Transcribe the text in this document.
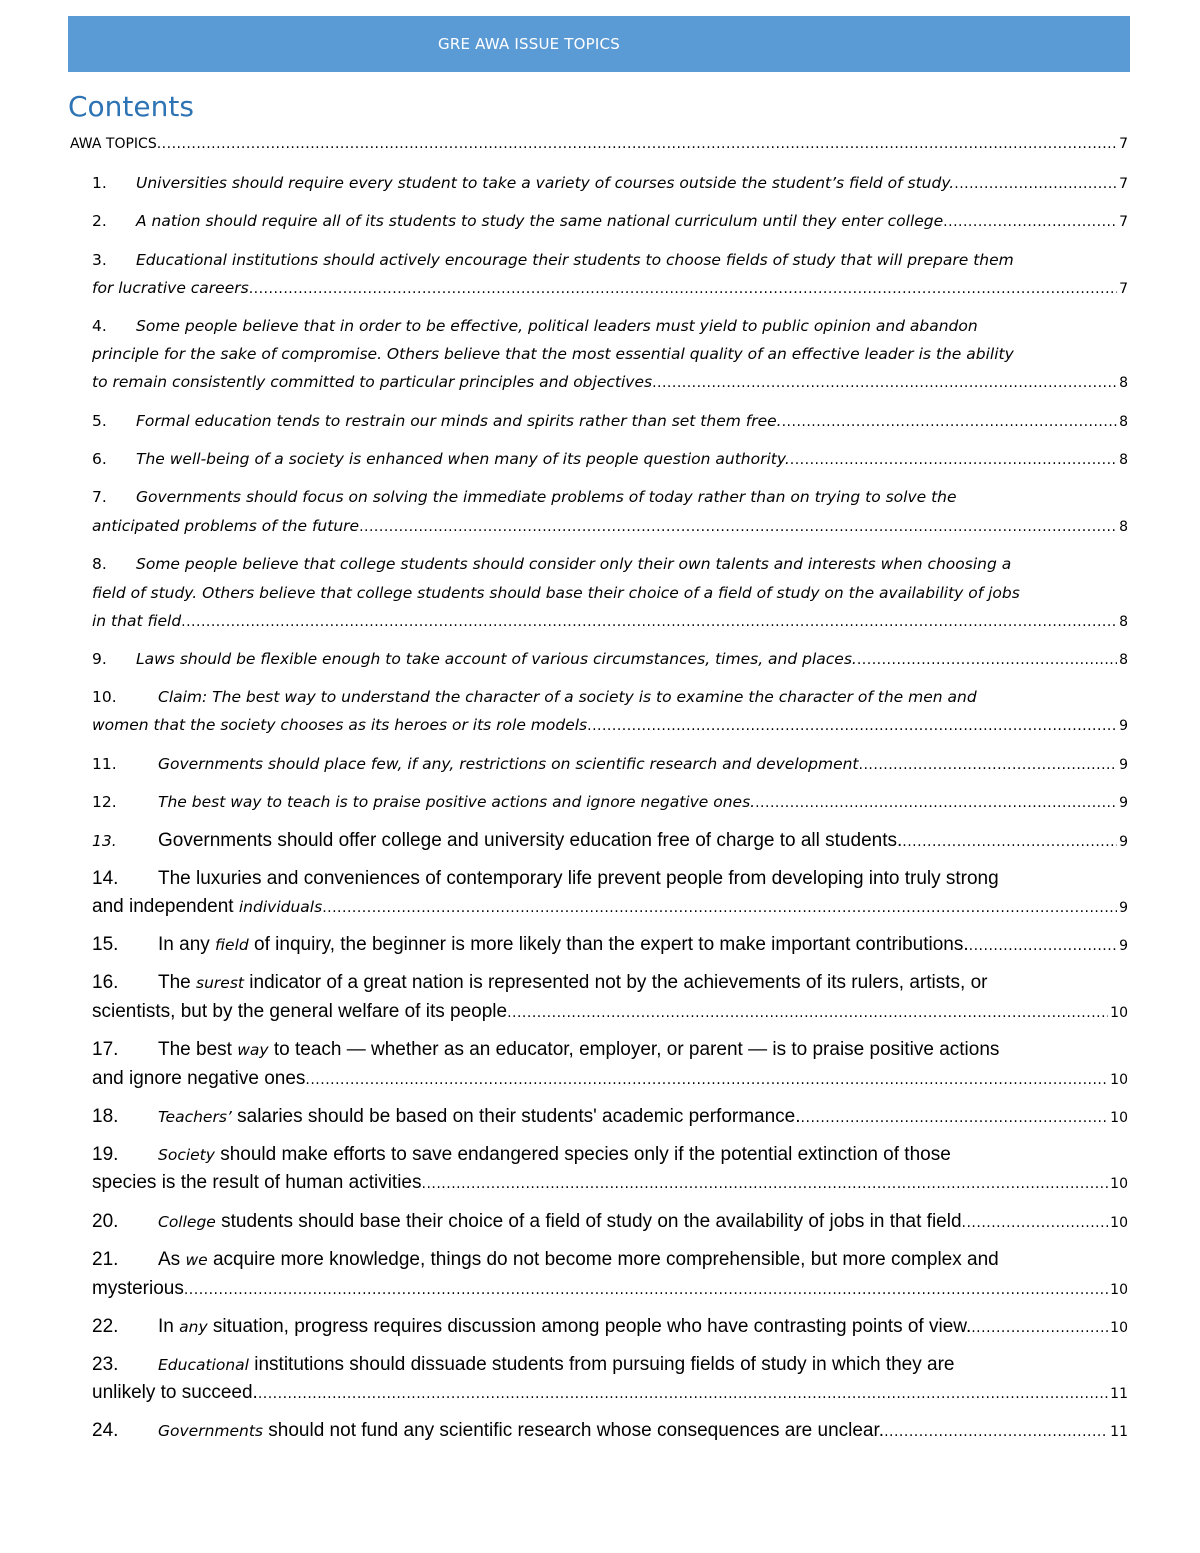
GRE AWA ISSUE TOPICS
Contents
AWA TOPICS .....	7
1.	Universities should require every student to take a variety of courses outside the student’s field of study. .....	7
2.	A nation should require all of its students to study the same national curriculum until they enter college .....	7
3.	Educational institutions should actively encourage their students to choose fields of study that will prepare them
for lucrative careers .....	7
4.	Some people believe that in order to be effective, political leaders must yield to public opinion and abandon
principle for the sake of compromise. Others believe that the most essential quality of an effective leader is the ability
to remain consistently committed to particular principles and objectives .....	8
5.	Formal education tends to restrain our minds and spirits rather than set them free. .....	8
6.	The well-being of a society is enhanced when many of its people question authority. .....	8
7.	Governments should focus on solving the immediate problems of today rather than on trying to solve the
anticipated problems of the future .....	8
8.	Some people believe that college students should consider only their own talents and interests when choosing a
field of study. Others believe that college students should base their choice of a field of study on the availability of jobs
in that field .....	8
9.	Laws should be flexible enough to take account of various circumstances, times, and places. .....	8
10.	Claim: The best way to understand the character of a society is to examine the character of the men and
women that the society chooses as its heroes or its role models .....	9
11.	Governments should place few, if any, restrictions on scientific research and development .....	9
12.	The best way to teach is to praise positive actions and ignore negative ones. .....	9
13.	Governments should offer college and university education free of charge to all students. .....	9
14.	The luxuries and conveniences of contemporary life prevent people from developing into truly strong
and independent individuals .....	9
15.	In any field of inquiry, the beginner is more likely than the expert to make important contributions. .....	9
16.	The surest indicator of a great nation is represented not by the achievements of its rulers, artists, or
scientists, but by the general welfare of its people .....	10
17.	The best way to teach — whether as an educator, employer, or parent — is to praise positive actions
and ignore negative ones .....	10
18.	Teachers’ salaries should be based on their students' academic performance. .....	10
19.	Society should make efforts to save endangered species only if the potential extinction of those
species is the result of human activities .....	10
20.	College students should base their choice of a field of study on the availability of jobs in that field .....	10
21.	As we acquire more knowledge, things do not become more comprehensible, but more complex and
mysterious .....	10
22.	In any situation, progress requires discussion among people who have contrasting points of view. .....	10
23.	Educational institutions should dissuade students from pursuing fields of study in which they are
unlikely to succeed. .....	11
24.	Governments should not fund any scientific research whose consequences are unclear. .....	11
